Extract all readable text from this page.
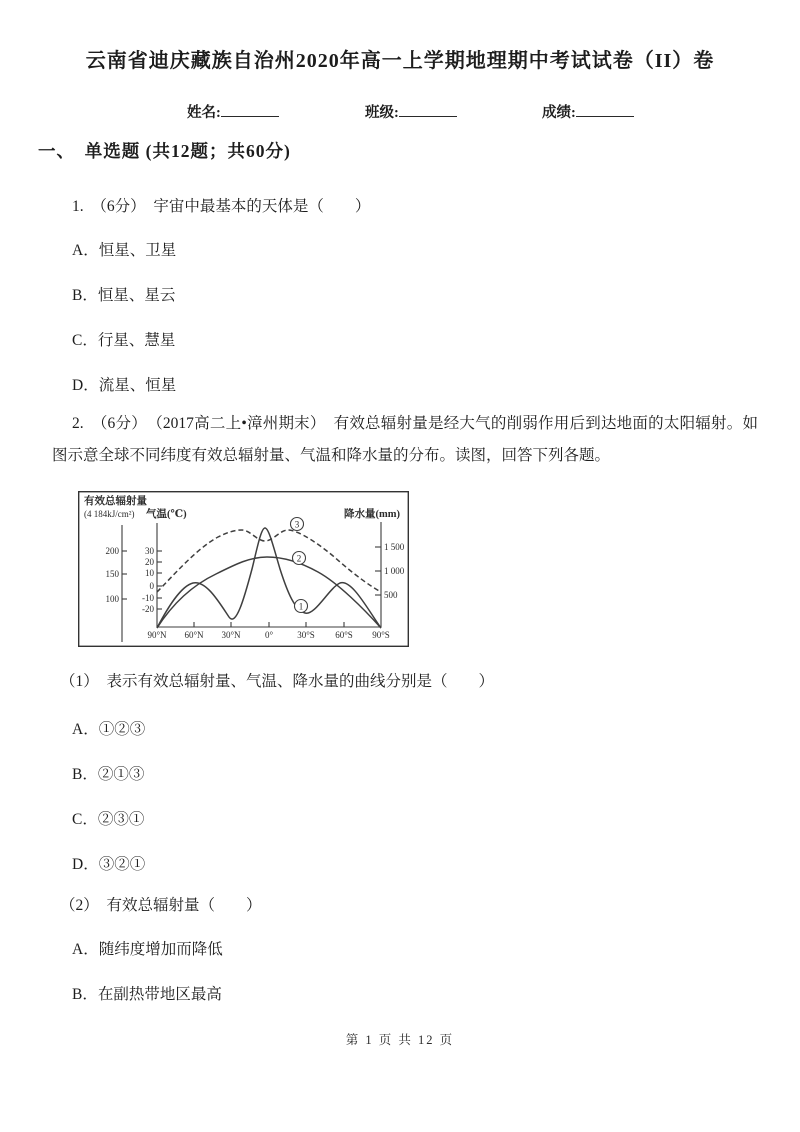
云南省迪庆藏族自治州2020年高一上学期地理期中考试试卷（II）卷
姓名:	班级:	成绩:
一、　单选题 (共12题；共60分)
1.　（6分）　宇宙中最基本的天体是（　　）
A．恒星、卫星
B．恒星、星云
C．行星、慧星
D．流星、恒星
2.　（6分）　（2017高二上•漳州期末）　有效总辐射量是经大气的削弱作用后到达地面的太阳辐射。如图示意全球不同纬度有效总辐射量、气温和降水量的分布。读图，回答下列各题。
有效总辐射量
(4 184kJ/cm²) 气温(℃)	降水量(mm)
200
150
100
30
20
10
0
-10
-20
1 500
1 000
500
90°N 60°N 30°N	0°	30°S 60°S 90°S
3
2
1
（1）　表示有效总辐射量、气温、降水量的曲线分别是（　　）
A．①②③
B．②①③
C．②③①
D．③②①
（2）　有效总辐射量（　　）
A．随纬度增加而降低
B．在副热带地区最高
第 1 页 共 12 页
